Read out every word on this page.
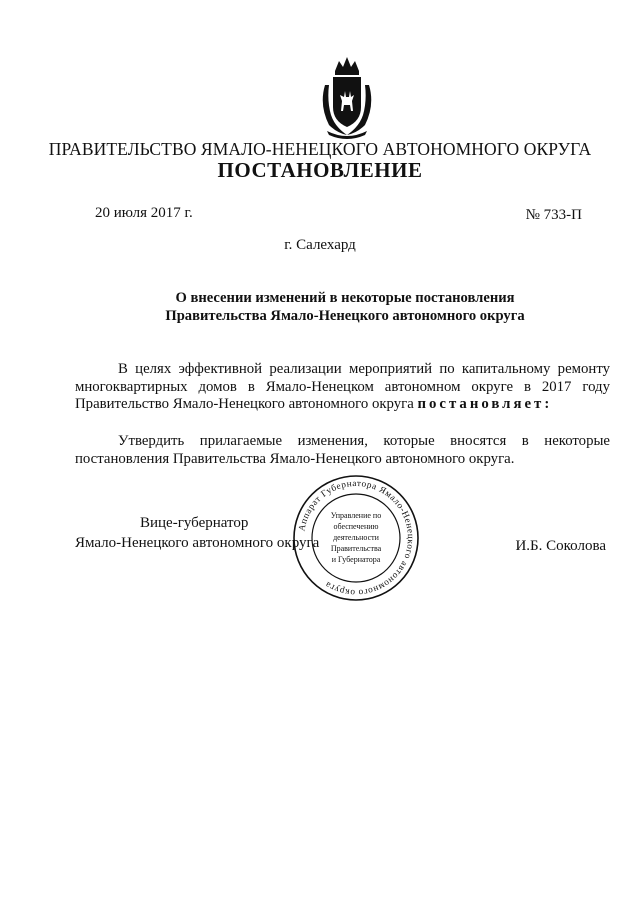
ПРАВИТЕЛЬСТВО ЯМАЛО-НЕНЕЦКОГО АВТОНОМНОГО ОКРУГА
ПОСТАНОВЛЕНИЕ
20 июля 2017 г.	№ 733-П
г. Салехард
О внесении изменений в некоторые постановления
Правительства Ямало-Ненецкого автономного округа
В целях эффективной реализации мероприятий по капитальному ремонту
многоквартирных домов в Ямало-Ненецком автономном округе в 2017 году
Правительство Ямало-Ненецкого автономного округа постановляет:
Утвердить прилагаемые изменения, которые вносятся в некоторые
постановления Правительства Ямало-Ненецкого автономного округа.
Вице-губернатор
Ямало-Ненецкого автономного округа	И.Б. Соколова
Аппарат Губернатора Ямало-Ненецкого автономного округа
Управление по
обеспечению
деятельности
Правительства
и Губернатора
